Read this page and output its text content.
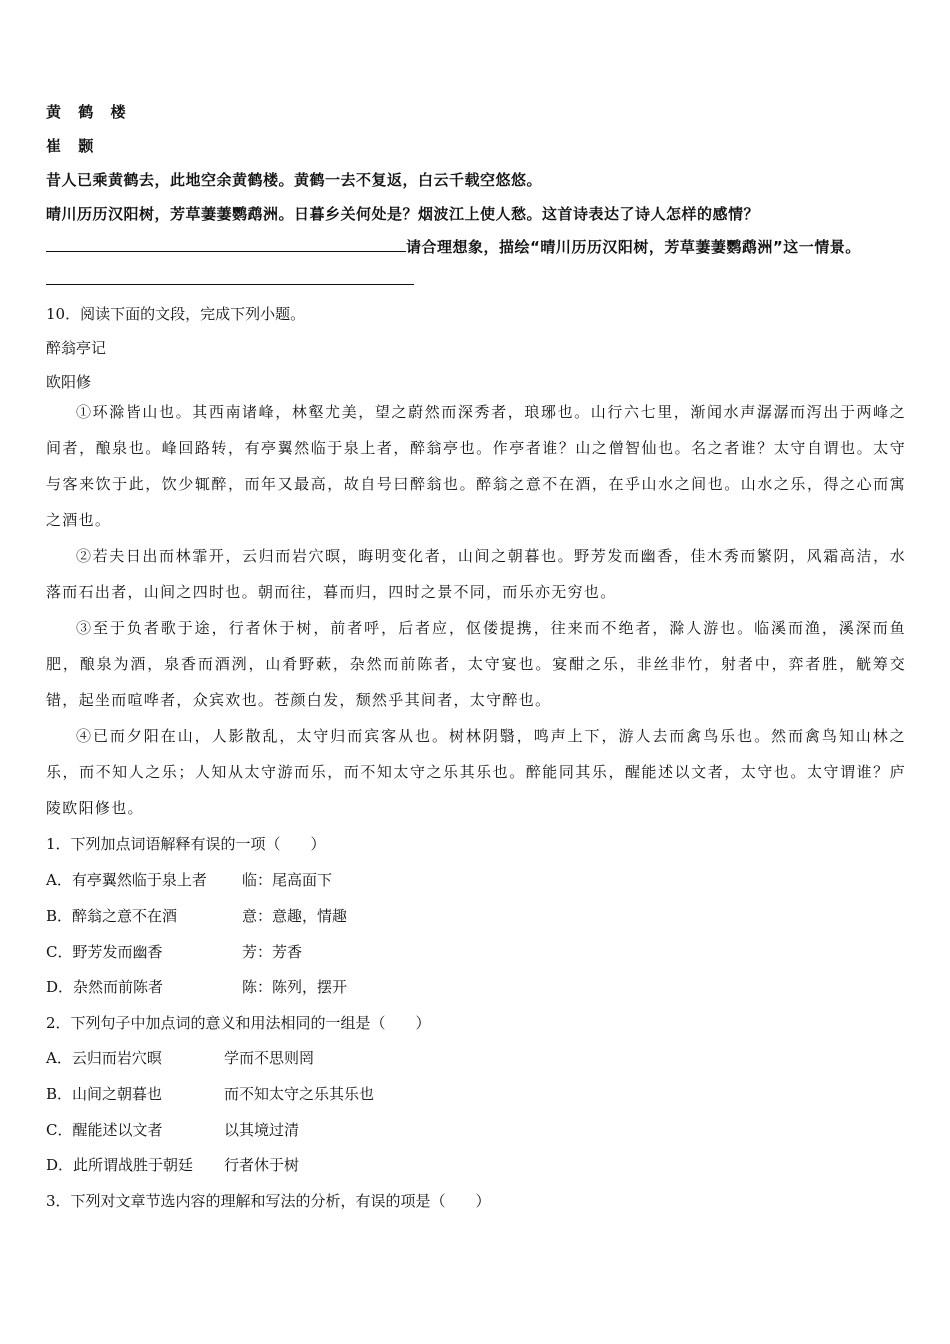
黄 鹤 楼
崔 颢
昔人已乘黄鹤去，此地空余黄鹤楼。黄鹤一去不复返，白云千载空悠悠。
晴川历历汉阳树，芳草萋萋鹦鹉洲。日暮乡关何处是？烟波江上使人愁。这首诗表达了诗人怎样的感情？
请合理想象，描绘“晴川历历汉阳树，芳草萋萋鹦鹉洲”这一情景。
10．阅读下面的文段，完成下列小题。
醉翁亭记
欧阳修
①环滁皆山也。其西南诸峰，林壑尤美，望之蔚然而深秀者，琅琊也。山行六七里，渐闻水声潺潺而泻出于两峰之间者，酿泉也。峰回路转，有亭翼然临于泉上者，醉翁亭也。作亭者谁？山之僧智仙也。名之者谁？太守自谓也。太守与客来饮于此，饮少辄醉，而年又最高，故自号曰醉翁也。醉翁之意不在酒，在乎山水之间也。山水之乐，得之心而寓之酒也。
②若夫日出而林霏开，云归而岩穴暝，晦明变化者，山间之朝暮也。野芳发而幽香，佳木秀而繁阴，风霜高洁，水落而石出者，山间之四时也。朝而往，暮而归，四时之景不同，而乐亦无穷也。
③至于负者歌于途，行者休于树，前者呼，后者应，伛偻提携，往来而不绝者，滁人游也。临溪而渔，溪深而鱼肥，酿泉为酒，泉香而酒洌，山肴野蔌，杂然而前陈者，太守宴也。宴酣之乐，非丝非竹，射者中，弈者胜，觥筹交错，起坐而喧哗者，众宾欢也。苍颜白发，颓然乎其间者，太守醉也。
④已而夕阳在山，人影散乱，太守归而宾客从也。树林阴翳，鸣声上下，游人去而禽鸟乐也。然而禽鸟知山林之乐，而不知人之乐；人知从太守游而乐，而不知太守之乐其乐也。醉能同其乐，醒能述以文者，太守也。太守谓谁？庐陵欧阳修也。
1．下列加点词语解释有误的一项（　　）
A．有亭翼然临于泉上者 临：尾高面下
B．醉翁之意不在酒	意：意趣，情趣
C．野芳发而幽香	芳：芳香
D．杂然而前陈者	陈：陈列，摆开
2．下列句子中加点词的意义和用法相同的一组是（　　）
A．云归而岩穴暝	学而不思则罔
B．山间之朝暮也	而不知太守之乐其乐也
C．醒能述以文者	以其境过清
D．此所谓战胜于朝廷 行者休于树
3．下列对文章节选内容的理解和写法的分析，有误的项是（　　）
